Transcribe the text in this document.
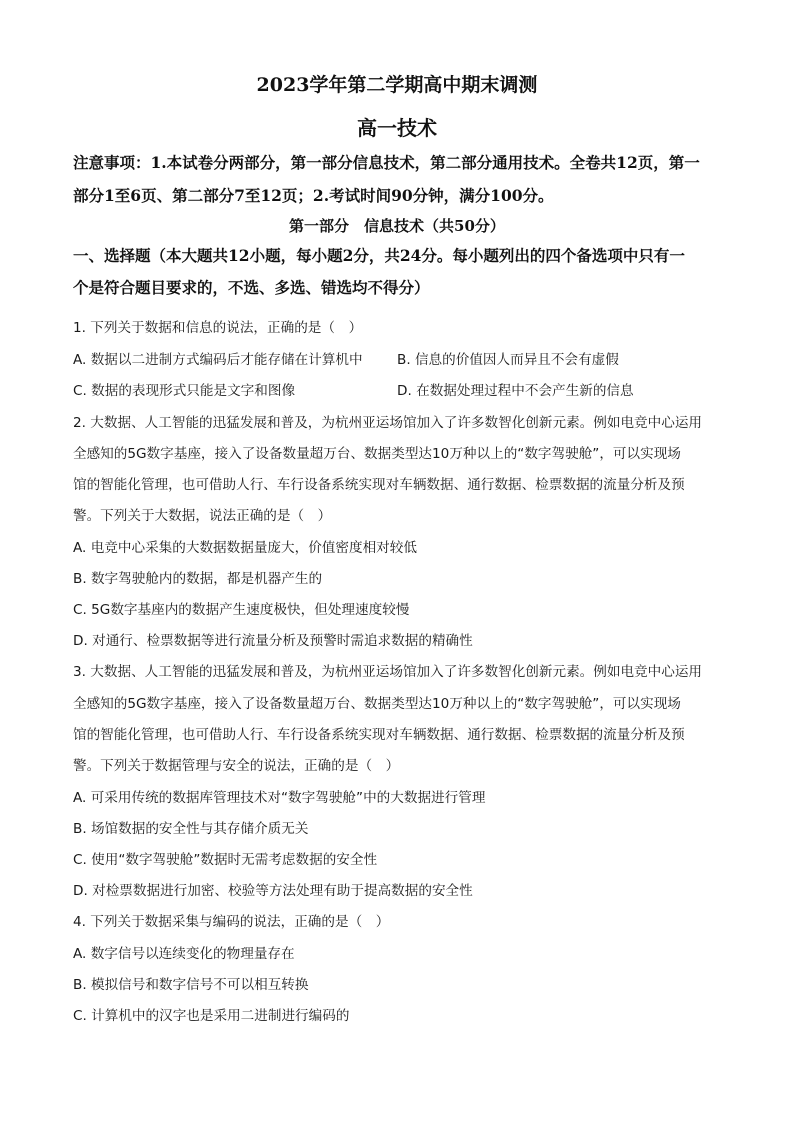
2023学年第二学期高中期末调测
高一技术
注意事项：1.本试卷分两部分，第一部分信息技术，第二部分通用技术。全卷共12页，第一
部分1至6页、第二部分7至12页；2.考试时间90分钟，满分100分。
第一部分　信息技术（共50分）
一、选择题（本大题共12小题，每小题2分，共24分。每小题列出的四个备选项中只有一
个是符合题目要求的，不选、多选、错选均不得分）
1. 下列关于数据和信息的说法，正确的是（　）
A. 数据以二进制方式编码后才能存储在计算机中	B. 信息的价值因人而异且不会有虚假
C. 数据的表现形式只能是文字和图像	D. 在数据处理过程中不会产生新的信息
2. 大数据、人工智能的迅猛发展和普及，为杭州亚运场馆加入了许多数智化创新元素。例如电竞中心运用
全感知的5G数字基座，接入了设备数量超万台、数据类型达10万种以上的“数字驾驶舱”，可以实现场
馆的智能化管理，也可借助人行、车行设备系统实现对车辆数据、通行数据、检票数据的流量分析及预
警。下列关于大数据，说法正确的是（　）
A. 电竞中心采集的大数据数据量庞大，价值密度相对较低
B. 数字驾驶舱内的数据，都是机器产生的
C. 5G数字基座内的数据产生速度极快，但处理速度较慢
D. 对通行、检票数据等进行流量分析及预警时需追求数据的精确性
3. 大数据、人工智能的迅猛发展和普及，为杭州亚运场馆加入了许多数智化创新元素。例如电竞中心运用
全感知的5G数字基座，接入了设备数量超万台、数据类型达10万种以上的“数字驾驶舱”，可以实现场
馆的智能化管理，也可借助人行、车行设备系统实现对车辆数据、通行数据、检票数据的流量分析及预
警。下列关于数据管理与安全的说法，正确的是（　）
A. 可采用传统的数据库管理技术对“数字驾驶舱”中的大数据进行管理
B. 场馆数据的安全性与其存储介质无关
C. 使用“数字驾驶舱”数据时无需考虑数据的安全性
D. 对检票数据进行加密、校验等方法处理有助于提高数据的安全性
4. 下列关于数据采集与编码的说法，正确的是（　）
A. 数字信号以连续变化的物理量存在
B. 模拟信号和数字信号不可以相互转换
C. 计算机中的汉字也是采用二进制进行编码的
